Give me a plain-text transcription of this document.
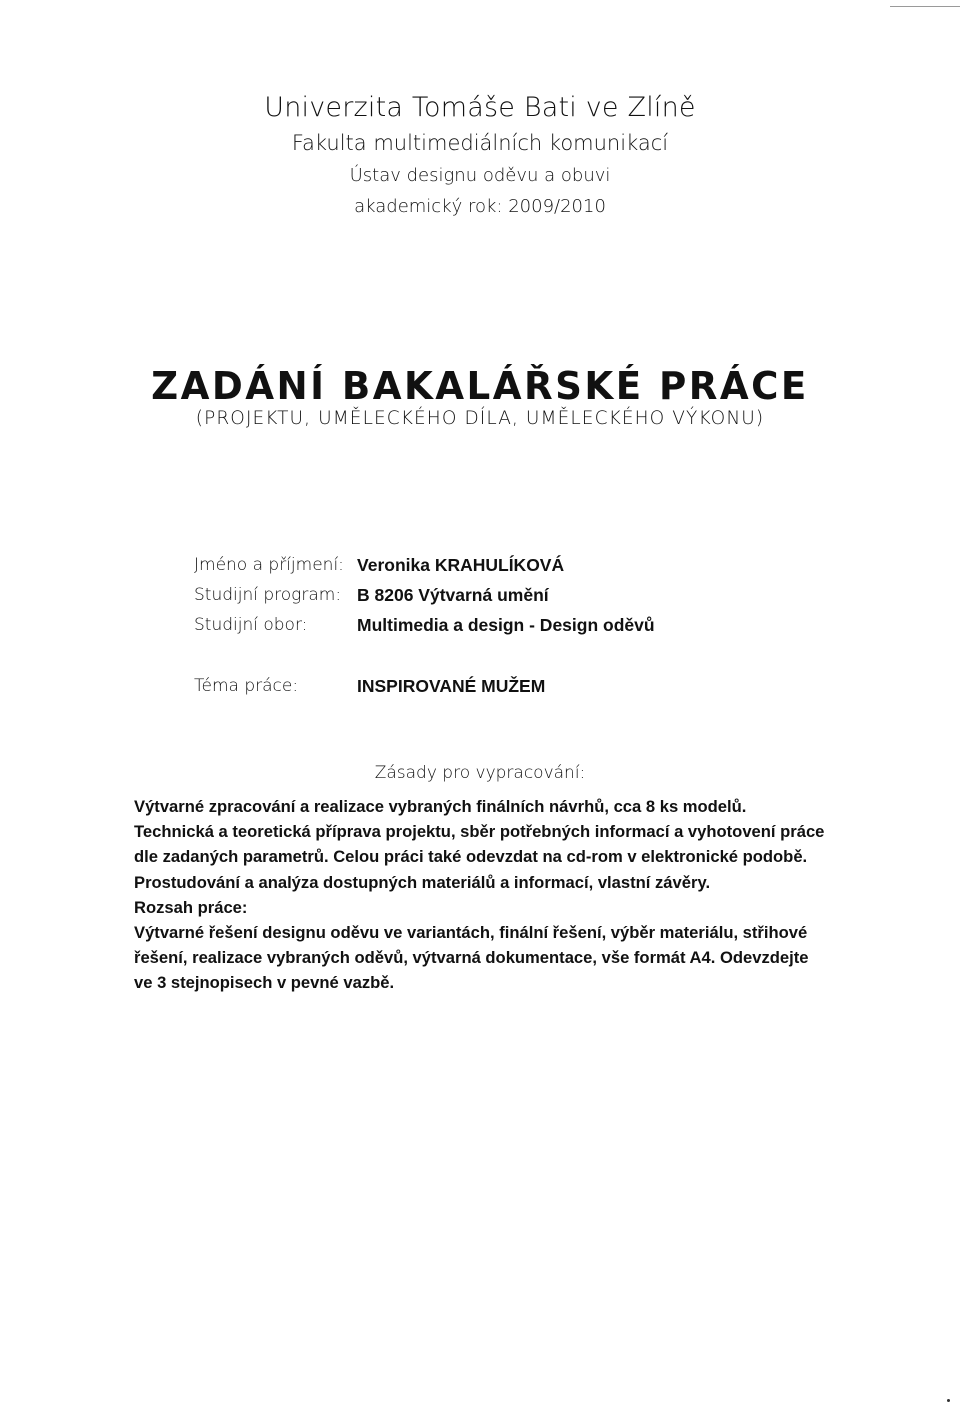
Univerzita Tomáše Bati ve Zlíně
Fakulta multimediálních komunikací
Ústav designu oděvu a obuvi
akademický rok: 2009/2010
ZADÁNÍ BAKALÁŘSKÉ PRÁCE
(PROJEKTU, UMĚLECKÉHO DÍLA, UMĚLECKÉHO VÝKONU)
Jméno a příjmení: Veronika KRAHULÍKOVÁ
Studijní program: B 8206 Výtvarná umění
Studijní obor:	Multimedia a design - Design oděvů
Téma práce:	INSPIROVANÉ MUŽEM
Zásady pro vypracování:

Výtvarné zpracování a realizace vybraných finálních návrhů, cca 8 ks modelů.

Technická a teoretická příprava projektu, sběr potřebných informací a vyhotovení práce

dle zadaných parametrů. Celou práci také odevzdat na cd-rom v elektronické podobě.

Prostudování a analýza dostupných materiálů a informací, vlastní závěry.

Rozsah práce:

Výtvarné řešení designu oděvu ve variantách, finální řešení, výběr materiálu, střihové

řešení, realizace vybraných oděvů, výtvarná dokumentace, vše formát A4. Odevzdejte

ve 3 stejnopisech v pevné vazbě.
